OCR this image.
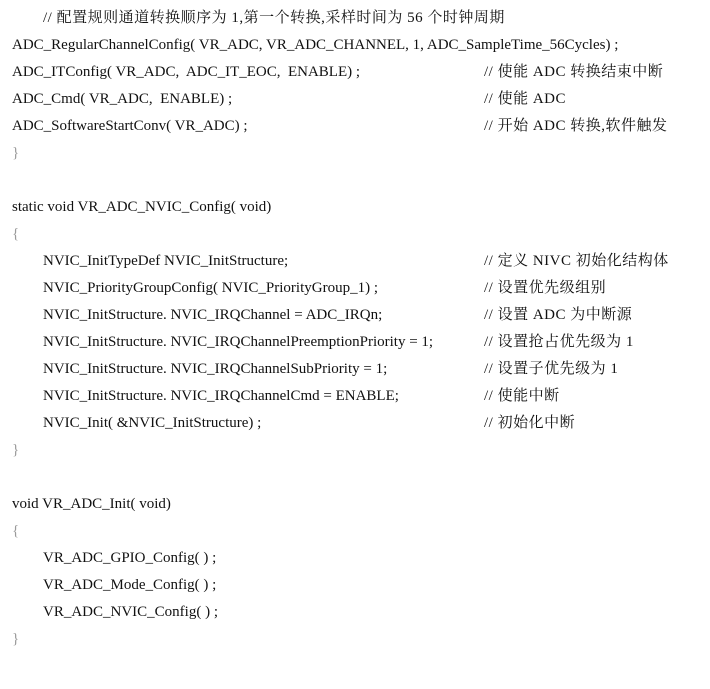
// 配置规则通道转换顺序为 1,第一个转换,采样时间为 56 个时钟周期

ADC_RegularChannelConfig( VR_ADC, VR_ADC_CHANNEL, 1, ADC_SampleTime_56Cycles) ;

ADC_ITConfig( VR_ADC,  ADC_IT_EOC,  ENABLE) ;

	// 使能 ADC 转换结束中断

ADC_Cmd( VR_ADC,  ENABLE) ;

	// 使能 ADC

ADC_SoftwareStartConv( VR_ADC) ;

	// 开始 ADC 转换,软件触发

}

static void VR_ADC_NVIC_Config( void)

{

NVIC_InitTypeDef NVIC_InitStructure;

	// 定义 NIVC 初始化结构体

NVIC_PriorityGroupConfig( NVIC_PriorityGroup_1) ;

	// 设置优先级组别

NVIC_InitStructure. NVIC_IRQChannel = ADC_IRQn;

	// 设置 ADC 为中断源

NVIC_InitStructure. NVIC_IRQChannelPreemptionPriority = 1;

	// 设置抢占优先级为 1

NVIC_InitStructure. NVIC_IRQChannelSubPriority = 1;

	// 设置子优先级为 1

NVIC_InitStructure. NVIC_IRQChannelCmd = ENABLE;

	// 使能中断

NVIC_Init( &NVIC_InitStructure) ;

	// 初始化中断

}

void VR_ADC_Init( void)

{

VR_ADC_GPIO_Config( ) ;

VR_ADC_Mode_Config( ) ;

VR_ADC_NVIC_Config( ) ;

}
